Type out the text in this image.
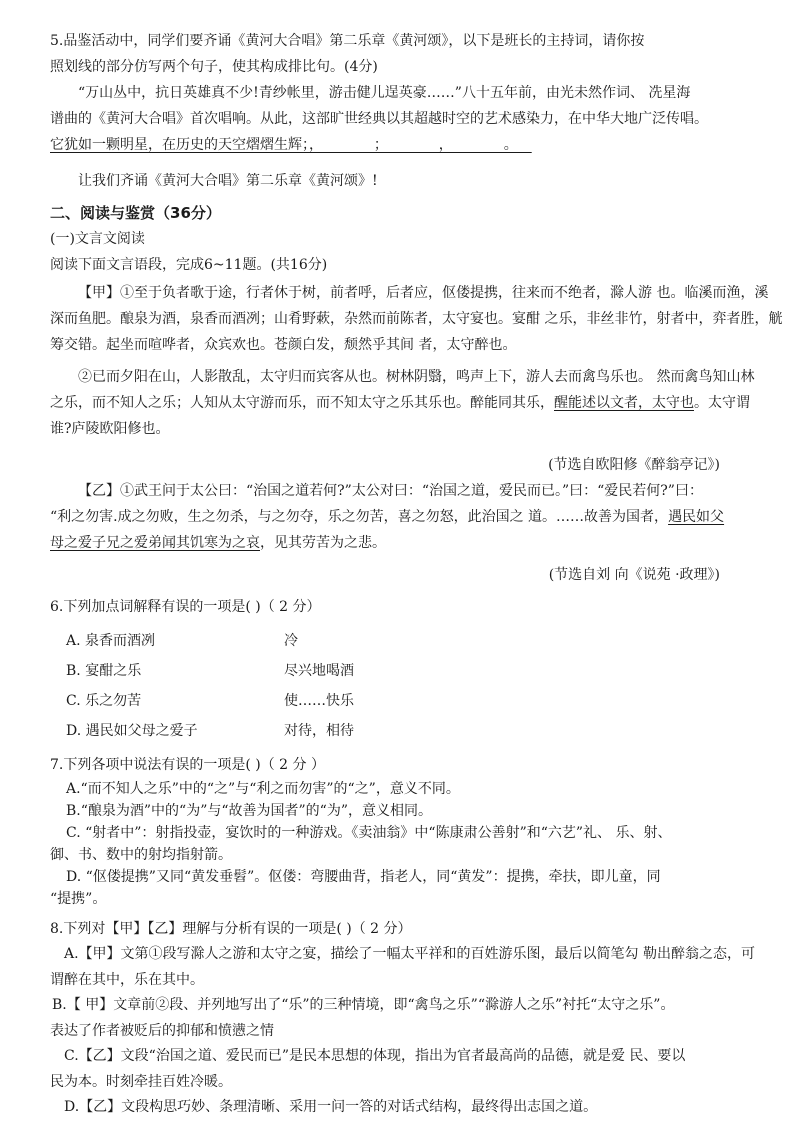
5.品鉴活动中，同学们要齐诵《黄河大合唱》第二乐章《黄河颂》，以下是班长的主持词，请你按
照划线的部分仿写两个句子，使其构成排比句。(4分)
“万山丛中，抗日英雄真不少!青纱帐里，游击健儿逞英豪……”八十五年前，由光未然作词、 冼星海
谱曲的《黄河大合唱》首次唱响。从此，这部旷世经典以其超越时空的艺术感染力，在中华大地广泛传唱。
它犹如一颗明星，在历史的天空熠熠生辉；，  ；  ，  。
让我们齐诵《黄河大合唱》第二乐章《黄河颂》!
二、阅读与鉴赏（36分）
(一)文言文阅读
阅读下面文言语段，完成6~11题。(共16分)
【甲】①至于负者歌于途，行者休于树，前者呼，后者应，伛偻提携，往来而不绝者，滁人游 也。临溪而渔，溪
深而鱼肥。酿泉为酒，泉香而酒冽；山肴野蔌，杂然而前陈者，太守宴也。宴酣 之乐，非丝非竹，射者中，弈者胜，觥
筹交错。起坐而喧哗者，众宾欢也。苍颜白发，颓然乎其间 者，太守醉也。
②已而夕阳在山，人影散乱，太守归而宾客从也。树林阴翳，鸣声上下，游人去而禽鸟乐也。 然而禽鸟知山林
之乐，而不知人之乐；人知从太守游而乐，而不知太守之乐其乐也。醉能同其乐，醒能述以文者，太守也。太守谓
谁?庐陵欧阳修也。
(节选自欧阳修《醉翁亭记》)
【乙】①武王问于太公曰：“治国之道若何?”太公对曰：“治国之道，爱民而已。”曰：“爱民若何?”曰：
“利之勿害.成之勿败，生之勿杀，与之勿夺，乐之勿苦，喜之勿怒，此治国之 道。……故善为国者，遇民如父
母之爱子兄之爱弟闻其饥寒为之哀，见其劳苦为之悲。
(节选自刘 向《说苑 ·政理》)
6.下列加点词解释有误的一项是( )（ 2 分）
A. 泉香而酒冽	冷
B. 宴酣之乐	尽兴地喝酒
C. 乐之勿苦	使……快乐
D. 遇民如父母之爱子	对待，相待
7.下列各项中说法有误的一项是( )（ 2 分 ）
A.“而不知人之乐”中的“之”与“利之而勿害”的“之”，意义不同。
B.“酿泉为酒”中的“为”与“故善为国者”的“为”，意义相同。
C. “射者中”：射指投壶，宴饮时的一种游戏。《卖油翁》中“陈康肃公善射”和“六艺”礼、 乐、射、
御、书、数中的射均指射箭。
D. “伛偻提携”又同“黄发垂髫”。伛偻：弯腰曲背，指老人，同“黄发”：提携，牵扶，即儿童，同
“提携”。
8.下列对【甲】【乙】理解与分析有误的一项是( )（ 2 分）
A.【甲】文第①段写滁人之游和太守之宴，描绘了一幅太平祥和的百姓游乐图，最后以简笔勾 勒出醉翁之态，可
谓醉在其中，乐在其中。
B.【 甲】文章前②段、并列地写出了“乐”的三种情境，即“禽鸟之乐”“滁游人之乐”衬托“太守之乐”。
表达了作者被贬后的抑郁和愤懑之情
C.【乙】文段“治国之道、爱民而已”是民本思想的体现，指出为官者最高尚的品德，就是爱 民、要以
民为本。时刻牵挂百姓冷暖。
D.【乙】文段构思巧妙、条理清晰、采用一问一答的对话式结构，最终得出志国之道。
